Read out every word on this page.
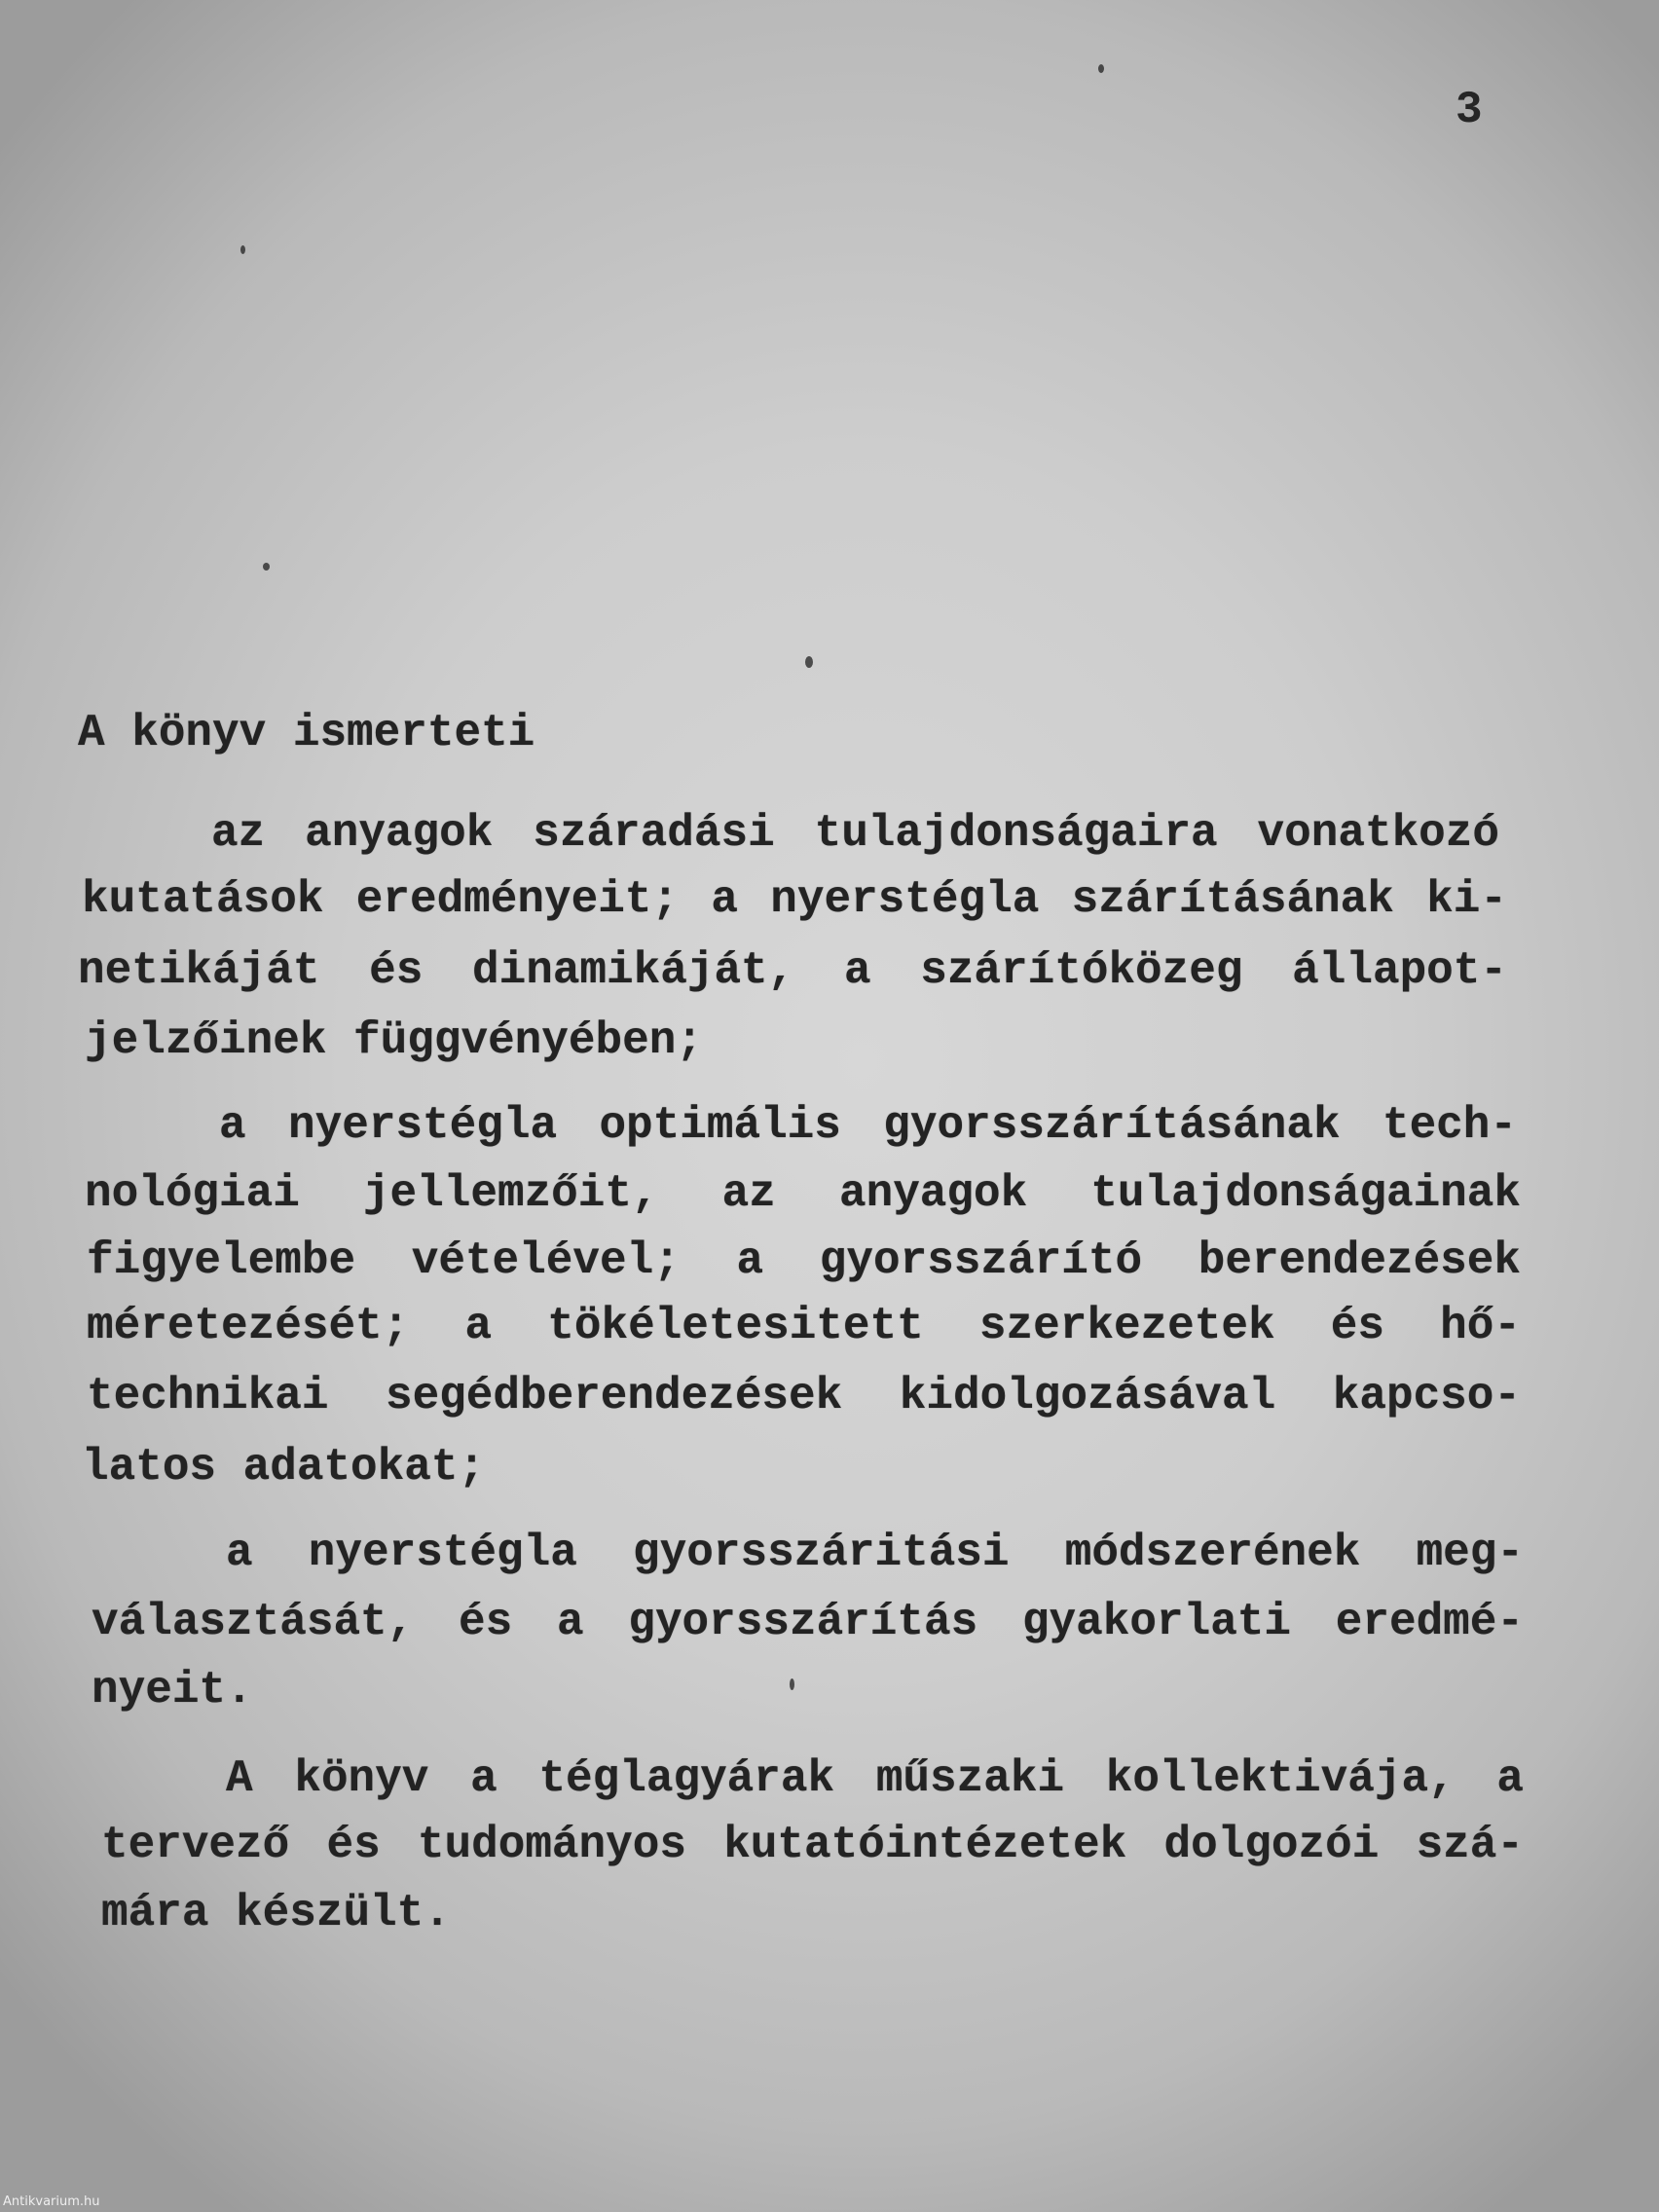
3
A könyv ismerteti
az anyagok száradási tulajdonságaira vonatkozó
kutatások eredményeit; a nyerstégla szárításának ki-
netikáját és dinamikáját, a szárítóközeg állapot-
jelzőinek függvényében;
a nyerstégla optimális gyorsszárításának tech-
nológiai jellemzőit, az anyagok tulajdonságainak
figyelembe vételével; a gyorsszárító berendezések
méretezését; a tökéletesitett szerkezetek és hő-
technikai segédberendezések kidolgozásával kapcso-
latos adatokat;
a nyerstégla gyorsszáritási módszerének meg-
választását, és a gyorsszárítás gyakorlati eredmé-
nyeit.
A könyv a téglagyárak műszaki kollektivája, a
tervező és tudományos kutatóintézetek dolgozói szá-
mára készült.
Antikvarium.hu
